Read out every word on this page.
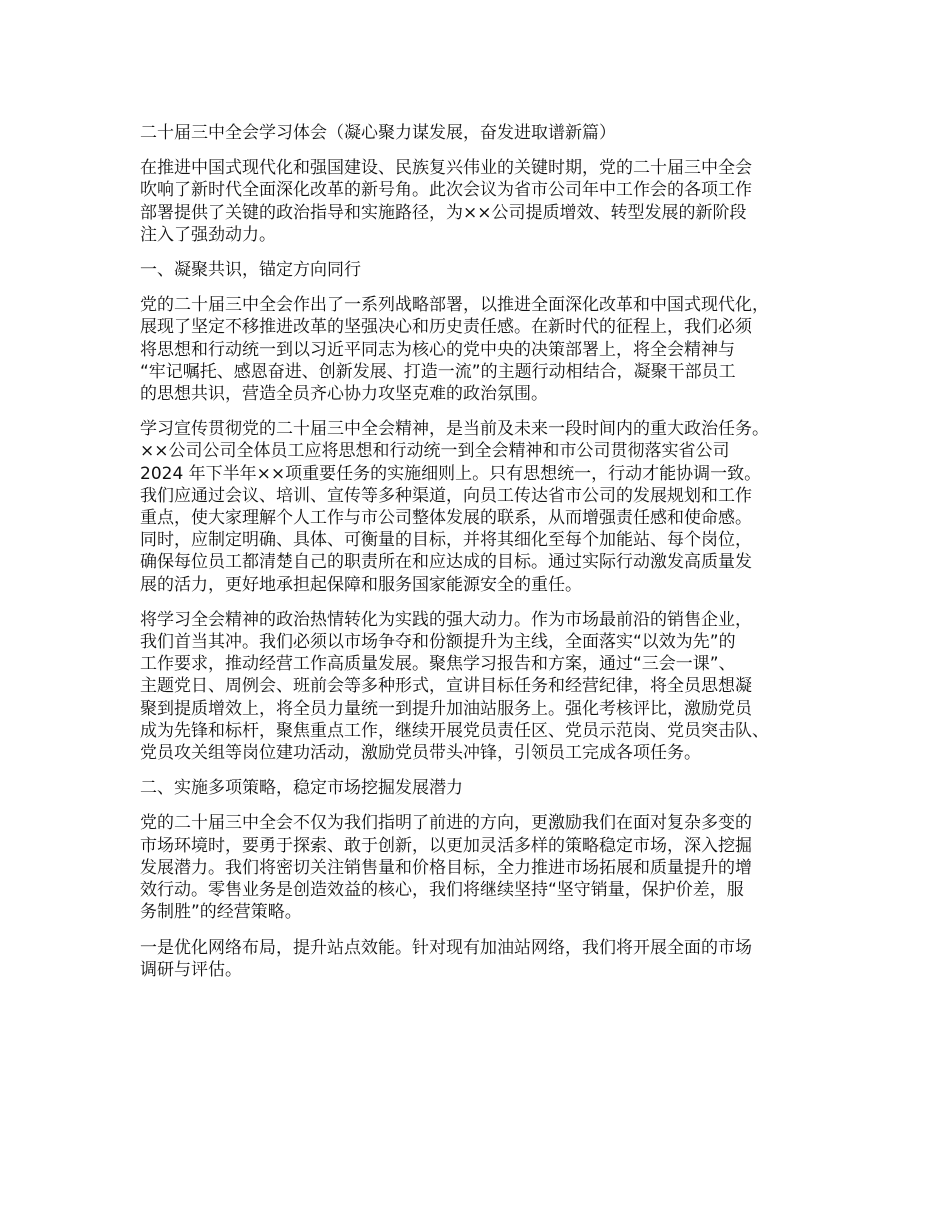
二十届三中全会学习体会（凝心聚力谋发展，奋发进取谱新篇）
在推进中国式现代化和强国建设、民族复兴伟业的关键时期，党的二十届三中全会
吹响了新时代全面深化改革的新号角。此次会议为省市公司年中工作会的各项工作
部署提供了关键的政治指导和实施路径，为××公司提质增效、转型发展的新阶段
注入了强劲动力。
一、凝聚共识，锚定方向同行
党的二十届三中全会作出了一系列战略部署，以推进全面深化改革和中国式现代化，
展现了坚定不移推进改革的坚强决心和历史责任感。在新时代的征程上，我们必须
将思想和行动统一到以习近平同志为核心的党中央的决策部署上，将全会精神与
“牢记嘱托、感恩奋进、创新发展、打造一流”的主题行动相结合，凝聚干部员工
的思想共识，营造全员齐心协力攻坚克难的政治氛围。
学习宣传贯彻党的二十届三中全会精神，是当前及未来一段时间内的重大政治任务。
××公司公司全体员工应将思想和行动统一到全会精神和市公司贯彻落实省公司
2024 年下半年××项重要任务的实施细则上。只有思想统一，行动才能协调一致。
我们应通过会议、培训、宣传等多种渠道，向员工传达省市公司的发展规划和工作
重点，使大家理解个人工作与市公司整体发展的联系，从而增强责任感和使命感。
同时，应制定明确、具体、可衡量的目标，并将其细化至每个加能站、每个岗位，
确保每位员工都清楚自己的职责所在和应达成的目标。通过实际行动激发高质量发
展的活力，更好地承担起保障和服务国家能源安全的重任。
将学习全会精神的政治热情转化为实践的强大动力。作为市场最前沿的销售企业，
我们首当其冲。我们必须以市场争夺和份额提升为主线，全面落实“以效为先”的
工作要求，推动经营工作高质量发展。聚焦学习报告和方案，通过“三会一课”、
主题党日、周例会、班前会等多种形式，宣讲目标任务和经营纪律，将全员思想凝
聚到提质增效上，将全员力量统一到提升加油站服务上。强化考核评比，激励党员
成为先锋和标杆，聚焦重点工作，继续开展党员责任区、党员示范岗、党员突击队、
党员攻关组等岗位建功活动，激励党员带头冲锋，引领员工完成各项任务。
二、实施多项策略，稳定市场挖掘发展潜力
党的二十届三中全会不仅为我们指明了前进的方向，更激励我们在面对复杂多变的
市场环境时，要勇于探索、敢于创新，以更加灵活多样的策略稳定市场，深入挖掘
发展潜力。我们将密切关注销售量和价格目标，全力推进市场拓展和质量提升的增
效行动。零售业务是创造效益的核心，我们将继续坚持“坚守销量，保护价差，服
务制胜”的经营策略。
一是优化网络布局，提升站点效能。针对现有加油站网络，我们将开展全面的市场
调研与评估。
